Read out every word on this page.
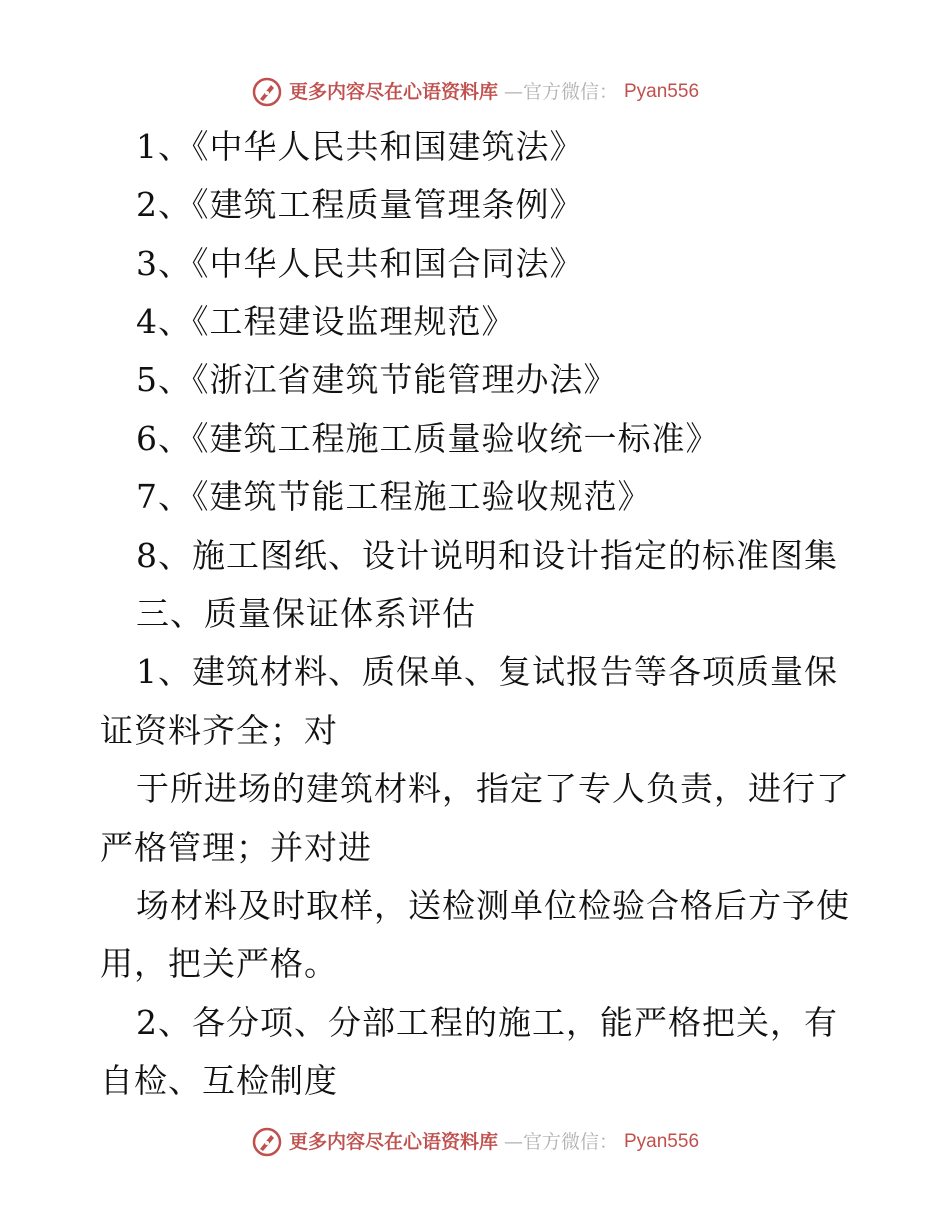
更多内容尽在心语资料库 —官方微信： Pyan556
1、《中华人民共和国建筑法》
2、《建筑工程质量管理条例》
3、《中华人民共和国合同法》
4、《工程建设监理规范》
5、《浙江省建筑节能管理办法》
6、《建筑工程施工质量验收统一标准》
7、《建筑节能工程施工验收规范》
8、施工图纸、设计说明和设计指定的标准图集
三、质量保证体系评估
1、建筑材料、质保单、复试报告等各项质量保
证资料齐全；对
于所进场的建筑材料，指定了专人负责，进行了
严格管理；并对进
场材料及时取样，送检测单位检验合格后方予使
用，把关严格。
2、各分项、分部工程的施工，能严格把关，有
自检、互检制度
更多内容尽在心语资料库 —官方微信： Pyan556
